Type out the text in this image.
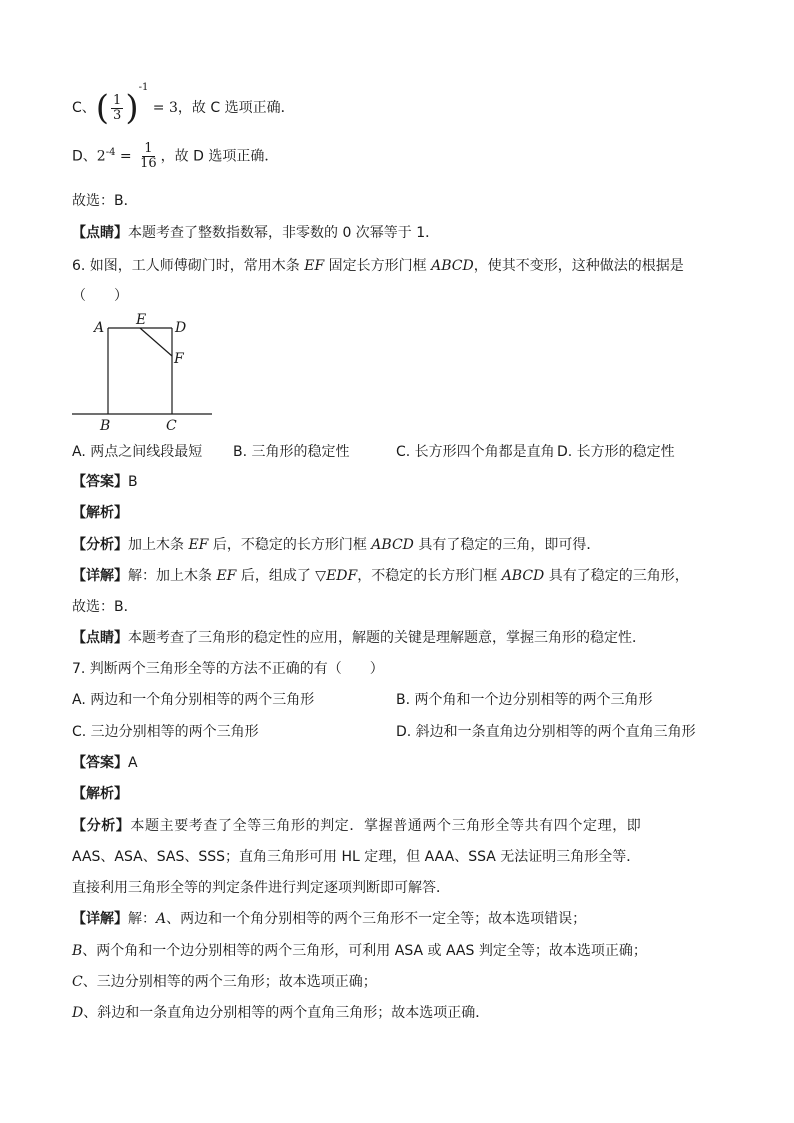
C、( $\frac{1}{3} )^{-1} = 3$，故 C 选项正确．
D、$2^{-4} = \frac{1}{16}$ ，故 D 选项正确．
故选：B．
【点睛】本题考查了整数指数幂，非零数的 0 次幂等于 1．
6. 如图，工人师傅砌门时，常用木条 EF 固定长方形门框 ABCD，使其不变形，这种做法的根据是
（　　）
A E D
F
B	C
A. 两点之间线段最短 B. 三角形的稳定性	C. 长方形四个角都是直角 D. 长方形的稳定性
【答案】B
【解析】
【分析】加上木条 EF 后，不稳定的长方形门框 ABCD 具有了稳定的三角，即可得．
【详解】解：加上木条 EF 后，组成了 ▽EDF，不稳定的长方形门框 ABCD 具有了稳定的三角形，
故选：B．
【点睛】本题考查了三角形的稳定性的应用，解题的关键是理解题意，掌握三角形的稳定性．
7. 判断两个三角形全等的方法不正确的有（　　）
A. 两边和一个角分别相等的两个三角形	B. 两个角和一个边分别相等的两个三角形
C. 三边分别相等的两个三角形	D. 斜边和一条直角边分别相等的两个直角三角形
【答案】A
【解析】
【分析】本题主要考查了全等三角形的判定．掌握普通两个三角形全等共有四个定理，即
AAS、ASA、SAS、SSS；直角三角形可用 HL 定理，但 AAA、SSA 无法证明三角形全等．
直接利用三角形全等的判定条件进行判定逐项判断即可解答．
【详解】解：A、两边和一个角分别相等的两个三角形不一定全等；故本选项错误；
B、两个角和一个边分别相等的两个三角形，可利用 ASA 或 AAS 判定全等；故本选项正确；
C、三边分别相等的两个三角形；故本选项正确；
D、斜边和一条直角边分别相等的两个直角三角形；故本选项正确．
